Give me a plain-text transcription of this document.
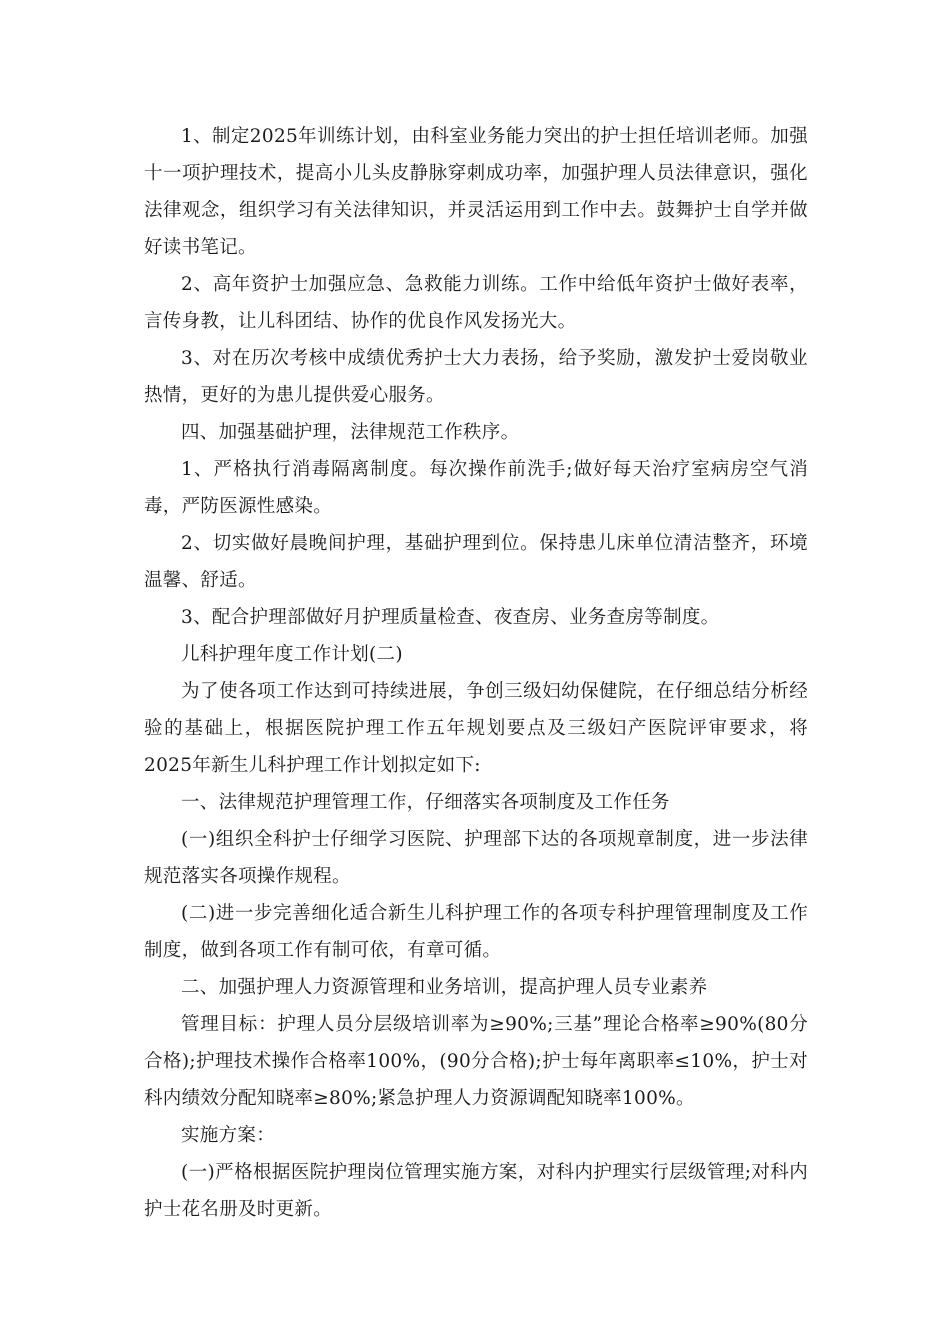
1、制定2025年训练计划，由科室业务能力突出的护士担任培训老师。加强十一项护理技术，提高小儿头皮静脉穿刺成功率，加强护理人员法律意识，强化法律观念，组织学习有关法律知识，并灵活运用到工作中去。鼓舞护士自学并做好读书笔记。

2、高年资护士加强应急、急救能力训练。工作中给低年资护士做好表率，言传身教，让儿科团结、协作的优良作风发扬光大。

3、对在历次考核中成绩优秀护士大力表扬，给予奖励，激发护士爱岗敬业热情，更好的为患儿提供爱心服务。

四、加强基础护理，法律规范工作秩序。

1、严格执行消毒隔离制度。每次操作前洗手;做好每天治疗室病房空气消毒，严防医源性感染。

2、切实做好晨晚间护理，基础护理到位。保持患儿床单位清洁整齐，环境温馨、舒适。

3、配合护理部做好月护理质量检查、夜查房、业务查房等制度。

儿科护理年度工作计划(二)

为了使各项工作达到可持续进展，争创三级妇幼保健院，在仔细总结分析经验的基础上，根据医院护理工作五年规划要点及三级妇产医院评审要求，将2025年新生儿科护理工作计划拟定如下:

一、法律规范护理管理工作，仔细落实各项制度及工作任务

(一)组织全科护士仔细学习医院、护理部下达的各项规章制度，进一步法律规范落实各项操作规程。

(二)进一步完善细化适合新生儿科护理工作的各项专科护理管理制度及工作制度，做到各项工作有制可依，有章可循。

二、加强护理人力资源管理和业务培训，提高护理人员专业素养

管理目标：护理人员分层级培训率为≥90%;三基”理论合格率≥90%(80分合格);护理技术操作合格率100%，(90分合格);护士每年离职率≤10%，护士对科内绩效分配知晓率≥80%;紧急护理人力资源调配知晓率100%。

实施方案：

(一)严格根据医院护理岗位管理实施方案，对科内护理实行层级管理;对科内护士花名册及时更新。
